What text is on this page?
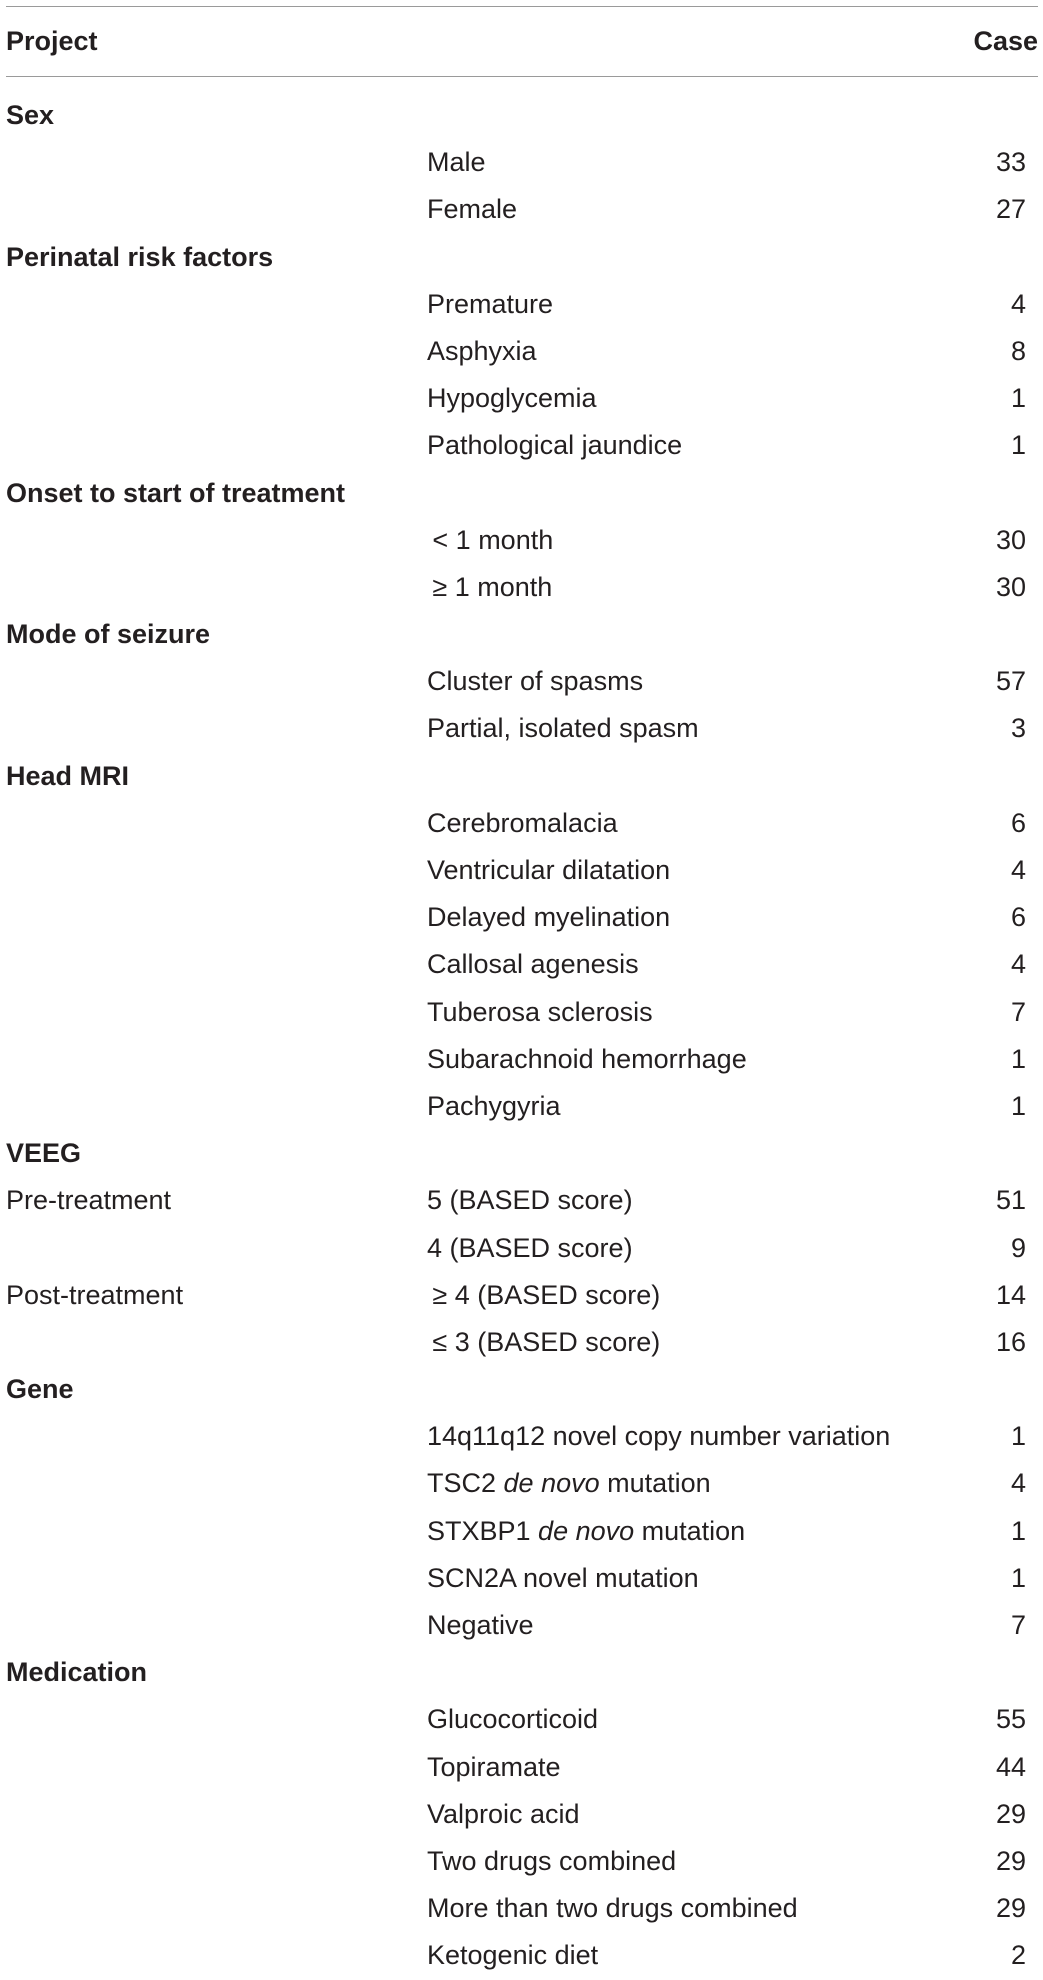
Project	Case
Sex
Male	33
Female	27
Perinatal risk factors
Premature	4
Asphyxia	8
Hypoglycemia	1
Pathological jaundice	1
Onset to start of treatment
 < 1 month	30
 ≥ 1 month	30
Mode of seizure
Cluster of spasms	57
Partial, isolated spasm	3
Head MRI
Cerebromalacia	6
Ventricular dilatation	4
Delayed myelination	6
Callosal agenesis	4
Tuberosa sclerosis	7
Subarachnoid hemorrhage	1
Pachygyria	1
VEEG
Pre-treatment	5 (BASED score)	51
4 (BASED score)	9
Post-treatment	 ≥ 4 (BASED score)	14
 ≤ 3 (BASED score)	16
Gene
14q11q12 novel copy number variation	1
TSC2 de novo mutation	4
STXBP1 de novo mutation	1
SCN2A novel mutation	1
Negative	7
Medication
Glucocorticoid	55
Topiramate	44
Valproic acid	29
Two drugs combined	29
More than two drugs combined	29
Ketogenic diet	2
